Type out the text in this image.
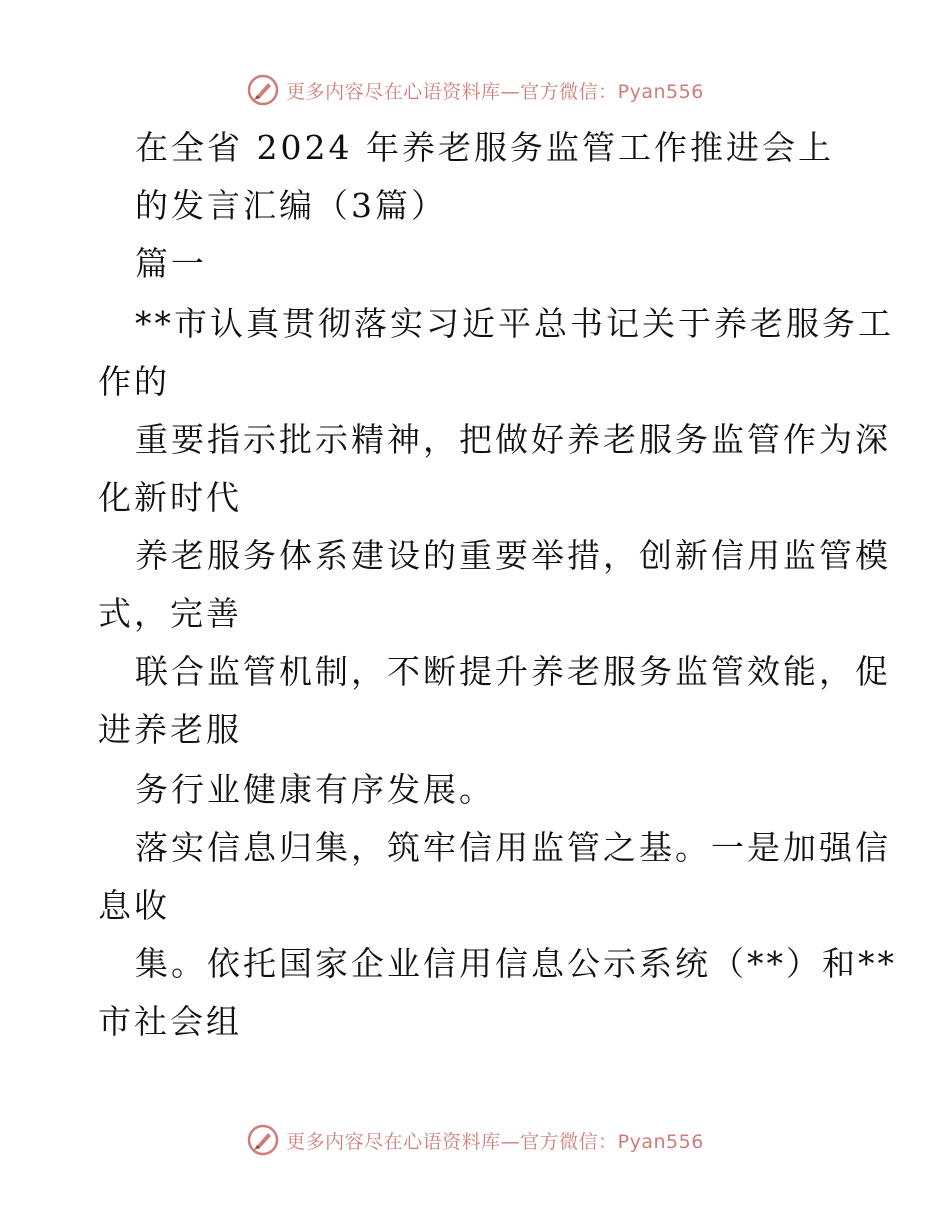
更多内容尽在心语资料库—官方微信：Pyan556
在全省 2024 年养老服务监管工作推进会上
的发言汇编（3篇）
篇一
**市认真贯彻落实习近平总书记关于养老服务工
作的
重要指示批示精神，把做好养老服务监管作为深
化新时代
养老服务体系建设的重要举措，创新信用监管模
式，完善
联合监管机制，不断提升养老服务监管效能，促
进养老服
务行业健康有序发展。
落实信息归集，筑牢信用监管之基。一是加强信
息收
集。依托国家企业信用信息公示系统（**）和**
市社会组
更多内容尽在心语资料库—官方微信：Pyan556
